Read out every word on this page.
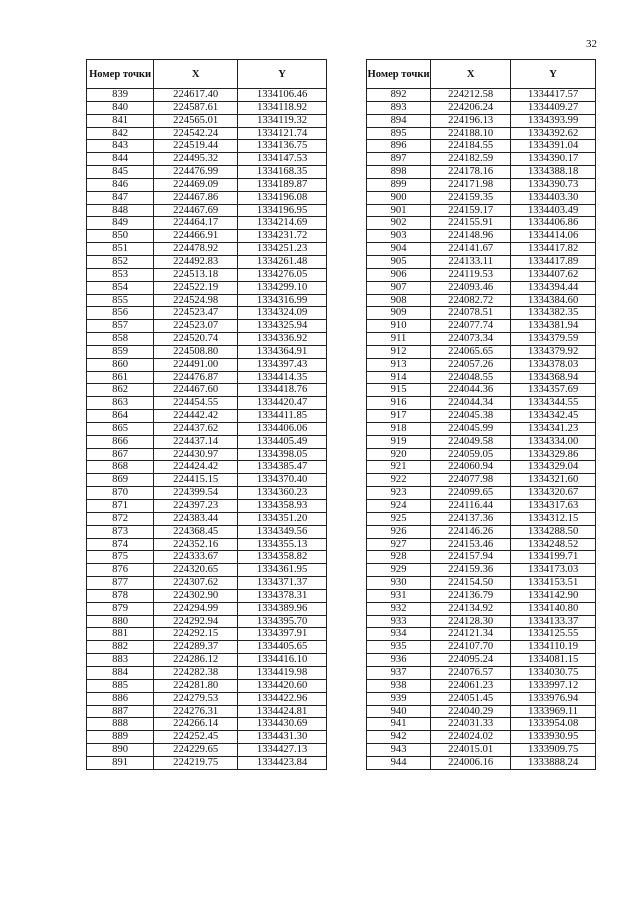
32
Номер точки	X	Y
839	224617.40	1334106.46
840	224587.61	1334118.92
841	224565.01	1334119.32
842	224542.24	1334121.74
843	224519.44	1334136.75
844	224495.32	1334147.53
845	224476.99	1334168.35
846	224469.09	1334189.87
847	224467.86	1334196.08
848	224467.69	1334196.95
849	224464.17	1334214.69
850	224466.91	1334231.72
851	224478.92	1334251.23
852	224492.83	1334261.48
853	224513.18	1334276.05
854	224522.19	1334299.10
855	224524.98	1334316.99
856	224523.47	1334324.09
857	224523.07	1334325.94
858	224520.74	1334336.92
859	224508.80	1334364.91
860	224491.00	1334397.43
861	224476.87	1334414.35
862	224467.60	1334418.76
863	224454.55	1334420.47
864	224442.42	1334411.85
865	224437.62	1334406.06
866	224437.14	1334405.49
867	224430.97	1334398.05
868	224424.42	1334385.47
869	224415.15	1334370.40
870	224399.54	1334360.23
871	224397.23	1334358.93
872	224383.44	1334351.20
873	224368.45	1334349.56
874	224352.16	1334355.13
875	224333.67	1334358.82
876	224320.65	1334361.95
877	224307.62	1334371.37
878	224302.90	1334378.31
879	224294.99	1334389.96
880	224292.94	1334395.70
881	224292.15	1334397.91
882	224289.37	1334405.65
883	224286.12	1334416.10
884	224282.38	1334419.98
885	224281.80	1334420.60
886	224279.53	1334422.96
887	224276.31	1334424.81
888	224266.14	1334430.69
889	224252.45	1334431.30
890	224229.65	1334427.13
891	224219.75	1334423.84
Номер точки	X	Y
892	224212.58	1334417.57
893	224206.24	1334409.27
894	224196.13	1334393.99
895	224188.10	1334392.62
896	224184.55	1334391.04
897	224182.59	1334390.17
898	224178.16	1334388.18
899	224171.98	1334390.73
900	224159.35	1334403.30
901	224159.17	1334403.49
902	224155.91	1334406.86
903	224148.96	1334414.06
904	224141.67	1334417.82
905	224133.11	1334417.89
906	224119.53	1334407.62
907	224093.46	1334394.44
908	224082.72	1334384.60
909	224078.51	1334382.35
910	224077.74	1334381.94
911	224073.34	1334379.59
912	224065.65	1334379.92
913	224057.26	1334378.03
914	224048.55	1334368.94
915	224044.36	1334357.69
916	224044.34	1334344.55
917	224045.38	1334342.45
918	224045.99	1334341.23
919	224049.58	1334334.00
920	224059.05	1334329.86
921	224060.94	1334329.04
922	224077.98	1334321.60
923	224099.65	1334320.67
924	224116.44	1334317.63
925	224137.36	1334312.15
926	224146.26	1334288.50
927	224153.46	1334248.52
928	224157.94	1334199.71
929	224159.36	1334173.03
930	224154.50	1334153.51
931	224136.79	1334142.90
932	224134.92	1334140.80
933	224128.30	1334133.37
934	224121.34	1334125.55
935	224107.70	1334110.19
936	224095.24	1334081.15
937	224076.57	1334030.75
938	224061.23	1333997.12
939	224051.45	1333976.94
940	224040.29	1333969.11
941	224031.33	1333954.08
942	224024.02	1333930.95
943	224015.01	1333909.75
944	224006.16	1333888.24
